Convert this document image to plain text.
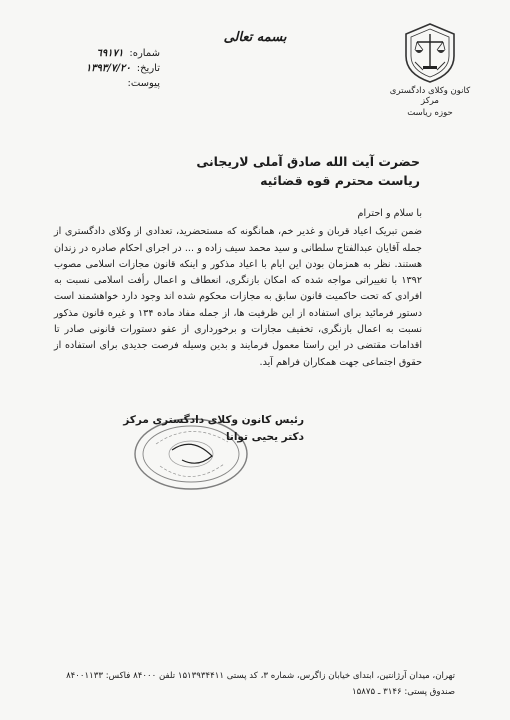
کانون وکلای دادگستری مرکز
حوزه ریاست
بسمه تعالی
شماره:
٦٩١٧١
تاریخ:
۱۳۹۳/۷/۲۰
پیوست:
حضرت آیت الله صادق آملی لاریجانی
ریاست محترم قوه قضائیه

با سلام و احترام

ضمن تبریک اعیاد قربان و غدیر خم، همانگونه که مستحضرید، تعدادی از وکلای دادگستری از جمله آقایان عبدالفتاح سلطانی و سید محمد سیف زاده و ... در اجرای احکام صادره در زندان هستند. نظر به همزمان بودن این ایام با اعیاد مذکور و اینکه قانون مجازات اسلامی مصوب ۱۳۹۲ با تغییراتی مواجه شده که امکان بازنگری، انعطاف و اعمال رأفت اسلامی نسبت به افرادی که تحت حاکمیت قانون سابق به مجازات محکوم شده اند وجود دارد خواهشمند است دستور فرمائید برای استفاده از این ظرفیت ها، از جمله مفاد ماده ۱۳۴ و غیره قانون مذکور نسبت به اعمال بازنگری، تخفیف مجازات و برخورداری از عفو دستورات قانونی صادر تا اقدامات مقتضی در این راستا معمول فرمایند و بدین وسیله فرصت جدیدی برای استفاده از حقوق اجتماعی جهت همکاران فراهم آید.

رئیس کانون وکلای دادگستری مرکز
دکتر یحیی توانا
تهران، میدان آرژانتین، ابتدای خیابان زاگرس، شماره ۳، کد پستی ۱۵۱۳۹۳۴۴۱۱ تلفن ۸۴۰۰۰ فاکس: ۸۴۰۰۱۱۳۳
صندوق پستی: ۳۱۴۶ ـ ۱۵۸۷۵
